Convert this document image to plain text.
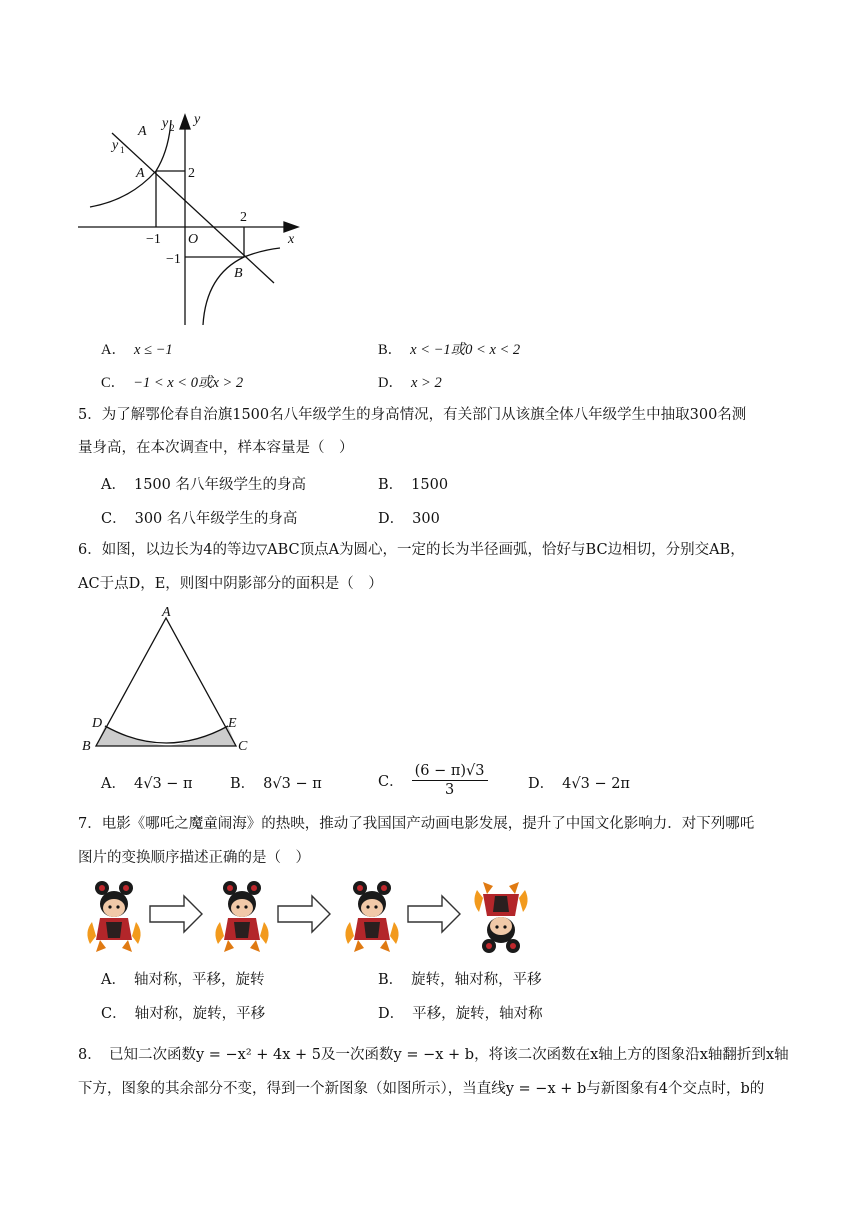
A
y 2
y
y 1
A	2
−1 O
2
x
−1
B
A． x ≤ −1	B． x < −1或0 < x < 2
C． −1 < x < 0或x > 2	D． x > 2
5．为了解鄂伦春自治旗1500名八年级学生的身高情况，有关部门从该旗全体八年级学生中抽取300名测
量身高，在本次调查中，样本容量是（　）
A． 1500 名八年级学生的身高	B． 1500
C． 300 名八年级学生的身高	D． 300
6．如图，以边长为4的等边▽ABC顶点A为圆心，一定的长为半径画弧，恰好与BC边相切，分别交AB，
AC于点D，E，则图中阴影部分的面积是（　）
A
D	E
B	C
A． 4√3 − π	B． 8√3 − π	C． $\frac{(6 - \pi)√3}{3}$	D． 4√3 − 2π
7．电影《哪吒之魔童闹海》的热映，推动了我国国产动画电影发展，提升了中国文化影响力．对下列哪吒
图片的变换顺序描述正确的是（　）
A． 轴对称，平移，旋转	B． 旋转，轴对称，平移
C． 轴对称，旋转，平移	D． 平移，旋转，轴对称
8．　已知二次函数y = −x² + 4x + 5及一次函数y = −x + b，将该二次函数在x轴上方的图象沿x轴翻折到x轴
下方，图象的其余部分不变，得到一个新图象（如图所示），当直线y = −x + b与新图象有4个交点时，b的
